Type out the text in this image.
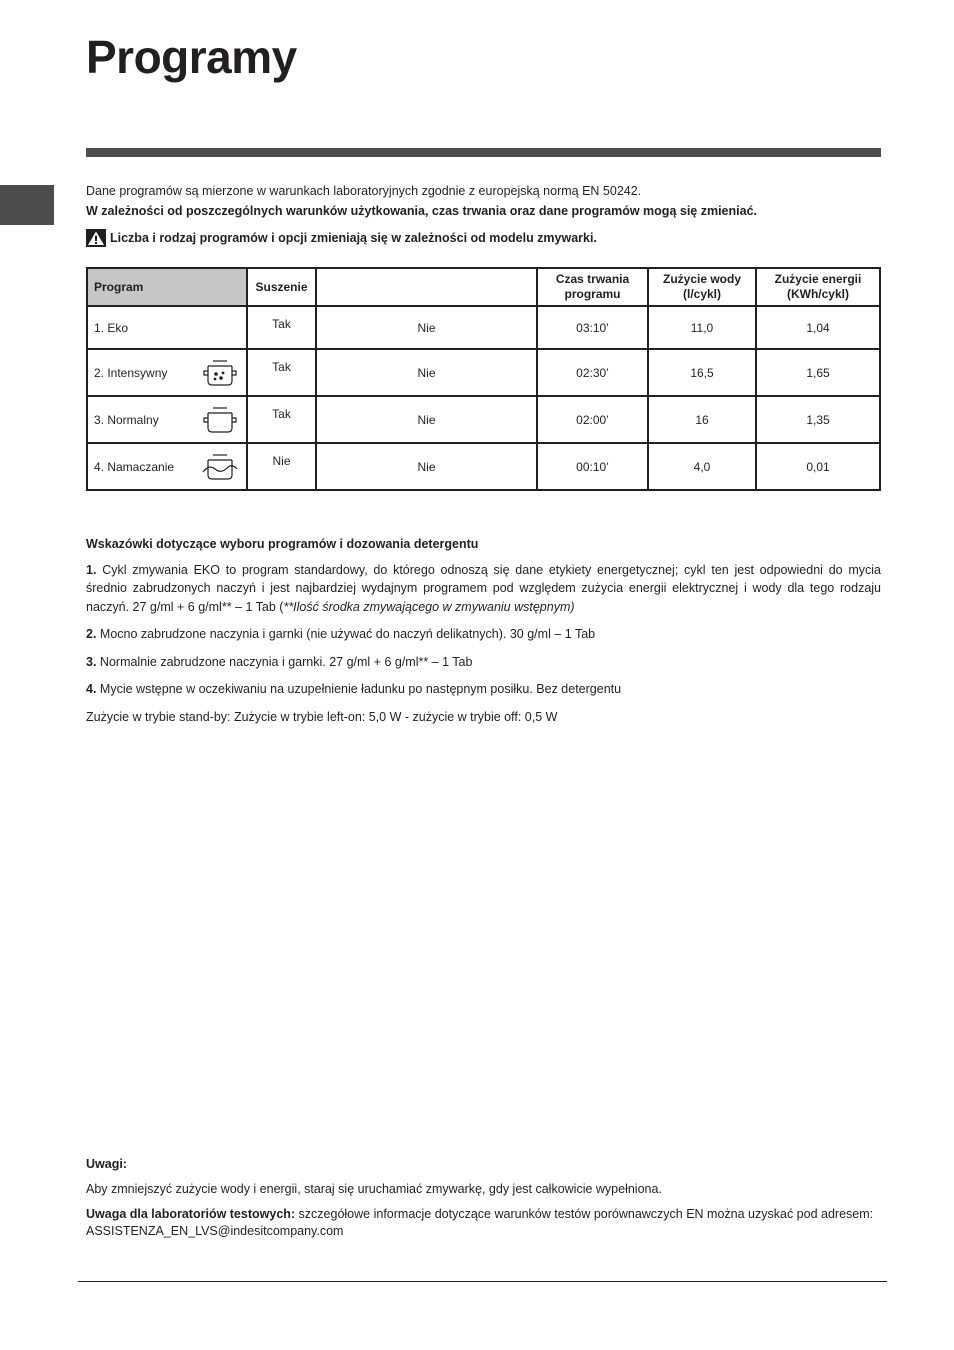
Programy

Dane programów są mierzone w warunkach laboratoryjnych zgodnie z europejską normą EN 50242.

W zależności od poszczególnych warunków użytkowania, czas trwania oraz dane programów mogą się zmieniać.

Liczba i rodzaj programów i opcji zmieniają się w zależności od modelu zmywarki.
Program	Suszenie		Czas trwania programu	Zużycie wody (l/cykl)	Zużycie energii (KWh/cykl)

1. Eko	Tak	Nie	03:10’	11,0	1,04

2. Intensywny	Tak	Nie	02:30’	16,5	1,65

3. Normalny	Tak	Nie	02:00’	16	1,35

4. Namaczanie	Nie	Nie	00:10’	4,0	0,01

Wskazówki dotyczące wyboru programów i dozowania detergentu

1. Cykl zmywania EKO to program standardowy, do którego odnoszą się dane etykiety energetycznej; cykl ten jest odpowiedni do mycia średnio zabrudzonych naczyń i jest najbardziej wydajnym programem pod względem zużycia energii elektrycznej i wody dla tego rodzaju naczyń. 27 g/ml + 6 g/ml** – 1 Tab (**Ilość środka zmywającego w zmywaniu wstępnym)

2. Mocno zabrudzone naczynia i garnki (nie używać do naczyń delikatnych). 30 g/ml – 1 Tab

3. Normalnie zabrudzone naczynia i garnki. 27 g/ml + 6 g/ml** – 1 Tab

4. Mycie wstępne w oczekiwaniu na uzupełnienie ładunku po następnym posiłku. Bez detergentu

Zużycie w trybie stand-by: Zużycie w trybie left-on: 5,0 W - zużycie w trybie off: 0,5 W

Uwagi:

Aby zmniejszyć zużycie wody i energii, staraj się uruchamiać zmywarkę, gdy jest całkowicie wypełniona.

Uwaga dla laboratoriów testowych: szczegółowe informacje dotyczące warunków testów porównawczych EN można uzyskać pod adresem: ASSISTENZA_EN_LVS@indesitcompany.com
